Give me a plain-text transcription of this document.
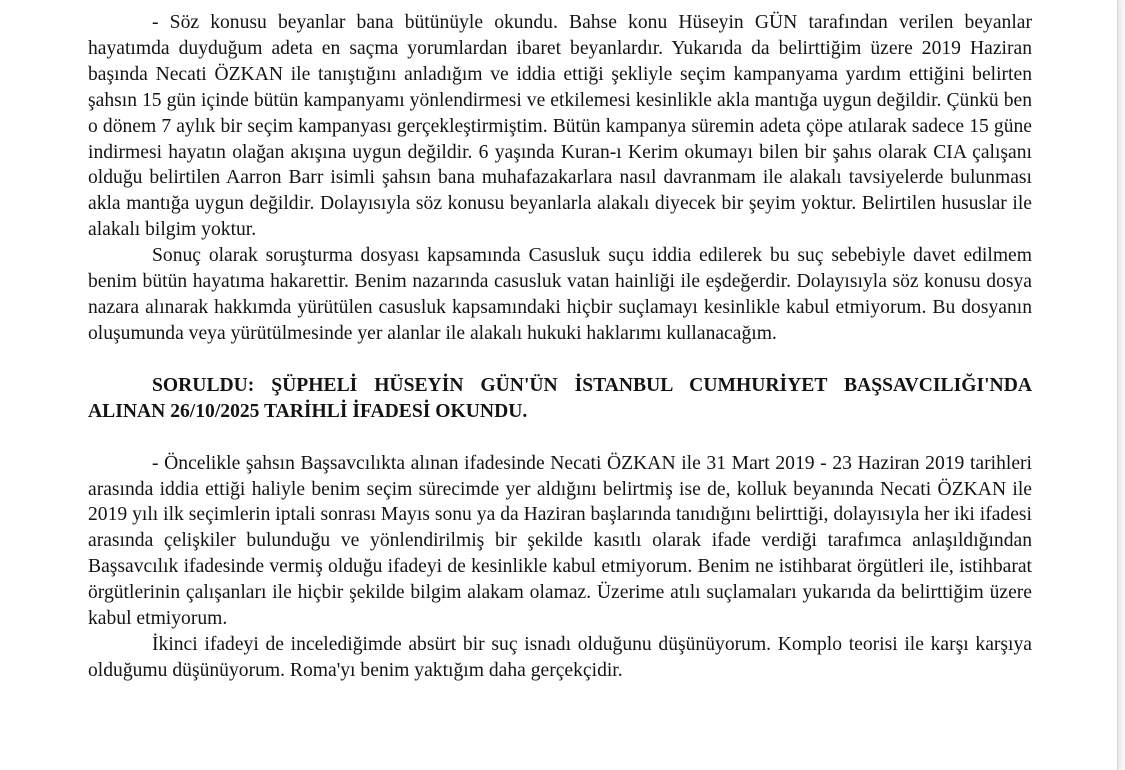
- Söz konusu beyanlar bana bütünüyle okundu. Bahse konu Hüseyin GÜN tarafından verilen beyanlar hayatımda duyduğum adeta en saçma yorumlardan ibaret beyanlardır. Yukarıda da belirttiğim üzere 2019 Haziran başında Necati ÖZKAN ile tanıştığını anladığım ve iddia ettiği şekliyle seçim kampanyama yardım ettiğini belirten şahsın 15 gün içinde bütün kampanyamı yönlendirmesi ve etkilemesi kesinlikle akla mantığa uygun değildir. Çünkü ben o dönem 7 aylık bir seçim kampanyası gerçekleştirmiştim. Bütün kampanya süremin adeta çöpe atılarak sadece 15 güne indirmesi hayatın olağan akışına uygun değildir. 6 yaşında Kuran-ı Kerim okumayı bilen bir şahıs olarak CIA çalışanı olduğu belirtilen Aarron Barr isimli şahsın bana muhafazakarlara nasıl davranmam ile alakalı tavsiyelerde bulunması akla mantığa uygun değildir. Dolayısıyla söz konusu beyanlarla alakalı diyecek bir şeyim yoktur. Belirtilen hususlar ile alakalı bilgim yoktur.

Sonuç olarak soruşturma dosyası kapsamında Casusluk suçu iddia edilerek bu suç sebebiyle davet edilmem benim bütün hayatıma hakarettir. Benim nazarında casusluk vatan hainliği ile eşdeğerdir. Dolayısıyla söz konusu dosya nazara alınarak hakkımda yürütülen casusluk kapsamındaki hiçbir suçlamayı kesinlikle kabul etmiyorum. Bu dosyanın oluşumunda veya yürütülmesinde yer alanlar ile alakalı hukuki haklarımı kullanacağım.

SORULDU: ŞÜPHELİ HÜSEYİN GÜN'ÜN İSTANBUL CUMHURİYET BAŞSAVCILIĞI'NDA ALINAN 26/10/2025 TARİHLİ İFADESİ OKUNDU.

- Öncelikle şahsın Başsavcılıkta alınan ifadesinde Necati ÖZKAN ile 31 Mart 2019 - 23 Haziran 2019 tarihleri arasında iddia ettiği haliyle benim seçim sürecimde yer aldığını belirtmiş ise de, kolluk beyanında Necati ÖZKAN ile 2019 yılı ilk seçimlerin iptali sonrası Mayıs sonu ya da Haziran başlarında tanıdığını belirttiği, dolayısıyla her iki ifadesi arasında çelişkiler bulunduğu ve yönlendirilmiş bir şekilde kasıtlı olarak ifade verdiği tarafımca anlaşıldığından Başsavcılık ifadesinde vermiş olduğu ifadeyi de kesinlikle kabul etmiyorum. Benim ne istihbarat örgütleri ile, istihbarat örgütlerinin çalışanları ile hiçbir şekilde bilgim alakam olamaz. Üzerime atılı suçlamaları yukarıda da belirttiğim üzere kabul etmiyorum.

İkinci ifadeyi de incelediğimde absürt bir suç isnadı olduğunu düşünüyorum. Komplo teorisi ile karşı karşıya olduğumu düşünüyorum. Roma'yı benim yaktığım daha gerçekçidir.
